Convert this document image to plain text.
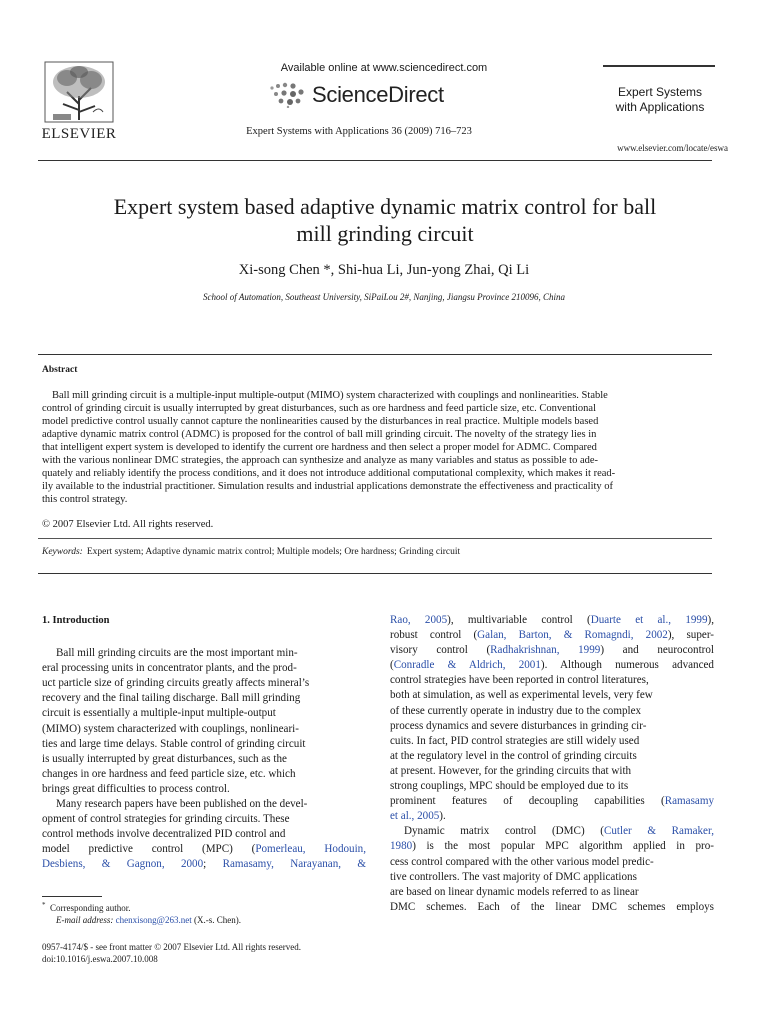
ELSEVIER
Available online at www.sciencedirect.com
ScienceDirect
Expert Systems with Applications 36 (2009) 716–723
Expert Systems
with Applications
www.elsevier.com/locate/eswa
Expert system based adaptive dynamic matrix control for ball
mill grinding circuit
Xi-song Chen *, Shi-hua Li, Jun-yong Zhai, Qi Li
School of Automation, Southeast University, SiPaiLou 2#, Nanjing, Jiangsu Province 210096, China
Abstract
Ball mill grinding circuit is a multiple-input multiple-output (MIMO) system characterized with couplings and nonlinearities. Stable
control of grinding circuit is usually interrupted by great disturbances, such as ore hardness and feed particle size, etc. Conventional
model predictive control usually cannot capture the nonlinearities caused by the disturbances in real practice. Multiple models based
adaptive dynamic matrix control (ADMC) is proposed for the control of ball mill grinding circuit. The novelty of the strategy lies in
that intelligent expert system is developed to identify the current ore hardness and then select a proper model for ADMC. Compared
with the various nonlinear DMC strategies, the approach can synthesize and analyze as many variables and status as possible to ade-
quately and reliably identify the process conditions, and it does not introduce additional computational complexity, which makes it read-
ily available to the industrial practitioner. Simulation results and industrial applications demonstrate the effectiveness and practicality of
this control strategy.
© 2007 Elsevier Ltd. All rights reserved.
Keywords: Expert system; Adaptive dynamic matrix control; Multiple models; Ore hardness; Grinding circuit

1. Introduction

Ball mill grinding circuits are the most important min-
eral processing units in concentrator plants, and the prod-
uct particle size of grinding circuits greatly affects mineral’s
recovery and the final tailing discharge. Ball mill grinding
circuit is essentially a multiple-input multiple-output
(MIMO) system characterized with couplings, nonlineari-
ties and large time delays. Stable control of grinding circuit
is usually interrupted by great disturbances, such as the
changes in ore hardness and feed particle size, etc. which
brings great difficulties to process control.
Many research papers have been published on the devel-
opment of control strategies for grinding circuits. These
control methods involve decentralized PID control and
model predictive control (MPC) (Pomerleau, Hodouin,
Desbiens, & Gagnon, 2000; Ramasamy, Narayanan, &
* Corresponding author.
E-mail address: chenxisong@263.net (X.-s. Chen).
0957-4174/$ - see front matter © 2007 Elsevier Ltd. All rights reserved.
doi:10.1016/j.eswa.2007.10.008
Rao, 2005), multivariable control (Duarte et al., 1999),
robust control (Galan, Barton, & Romagndi, 2002), super-
visory control (Radhakrishnan, 1999) and neurocontrol
(Conradle & Aldrich, 2001). Although numerous advanced
control strategies have been reported in control literatures,
both at simulation, as well as experimental levels, very few
of these currently operate in industry due to the complex
process dynamics and severe disturbances in grinding cir-
cuits. In fact, PID control strategies are still widely used
at the regulatory level in the control of grinding circuits
at present. However, for the grinding circuits that with
strong couplings, MPC should be employed due to its
prominent features of decoupling capabilities (Ramasamy
et al., 2005).
Dynamic matrix control (DMC) (Cutler & Ramaker,
1980) is the most popular MPC algorithm applied in pro-
cess control compared with the other various model predic-
tive controllers. The vast majority of DMC applications
are based on linear dynamic models referred to as linear
DMC schemes. Each of the linear DMC schemes employs
